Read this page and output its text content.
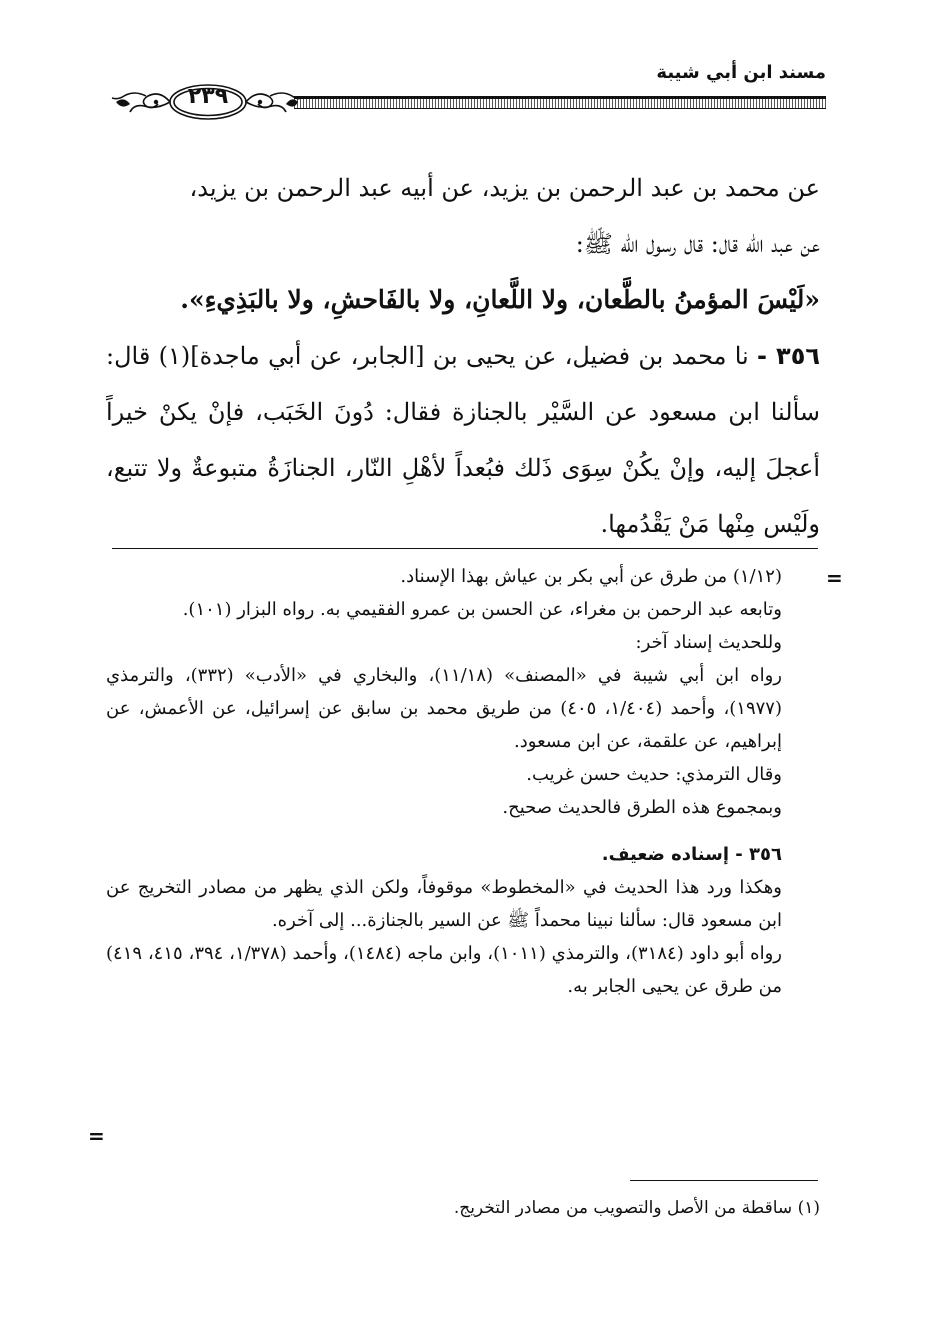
مسند ابن أبي شيبة
٢٣٩

عن محمد بن عبد الرحمن بن يزيد، عن أبيه عبد الرحمن بن يزيد،

عن عبد الله قال: قال رسول الله ﷺ:

«لَيْسَ المؤمنُ بالطَّعان، ولا اللَّعانِ، ولا بالفَاحشِ، ولا بالبَذِيءِ».

٣٥٦ - نا محمد بن فضيل، عن يحيى بن [الجابر، عن أبي ماجدة](١) قال: سألنا ابن مسعود عن السَّيْر بالجنازة فقال: دُونَ الخَبَب، فإنْ يكنْ خيراً أعجلَ إليه، وإنْ يكُنْ سِوَى ذَلك فبُعداً لأهْلِ النّار، الجنازَةُ متبوعةٌ ولا تتبع، ولَيْس مِنْها مَنْ يَقْدُمها.

=
=

(١/١٢) من طرق عن أبي بكر بن عياش بهذا الإسناد.

وتابعه عبد الرحمن بن مغراء، عن الحسن بن عمرو الفقيمي به. رواه البزار (١٠١).

وللحديث إسناد آخر:

رواه ابن أبي شيبة في «المصنف» (١١/١٨)، والبخاري في «الأدب» (٣٣٢)، والترمذي (١٩٧٧)، وأحمد (١/٤٠٤، ٤٠٥) من طريق محمد بن سابق عن إسرائيل، عن الأعمش، عن إبراهيم، عن علقمة، عن ابن مسعود.

وقال الترمذي: حديث حسن غريب.

وبمجموع هذه الطرق فالحديث صحيح.

٣٥٦ - إسناده ضعيف.

وهكذا ورد هذا الحديث في «المخطوط» موقوفاً، ولكن الذي يظهر من مصادر التخريج عن ابن مسعود قال: سألنا نبينا محمداً ﷺ عن السير بالجنازة... إلى آخره.

رواه أبو داود (٣١٨٤)، والترمذي (١٠١١)، وابن ماجه (١٤٨٤)، وأحمد (١/٣٧٨، ٣٩٤، ٤١٥، ٤١٩) من طرق عن يحيى الجابر به.

(١) ساقطة من الأصل والتصويب من مصادر التخريج.
